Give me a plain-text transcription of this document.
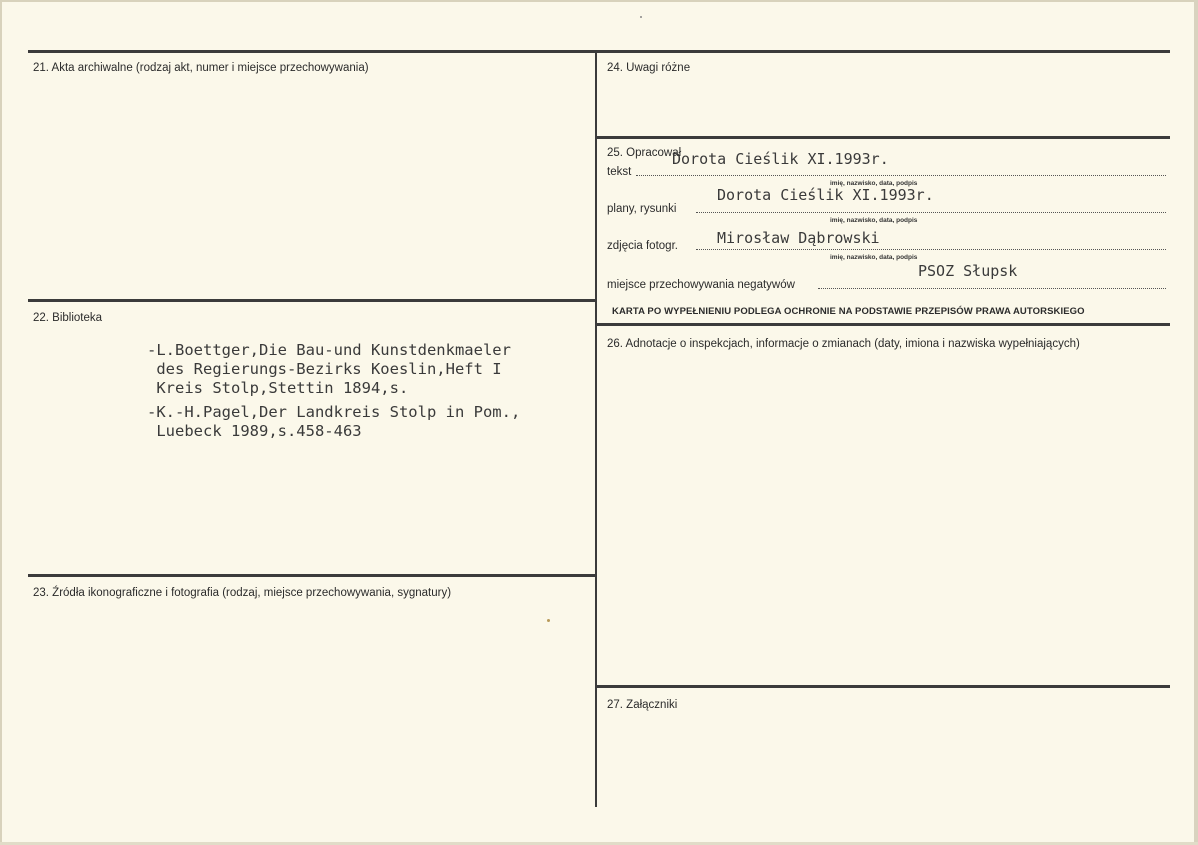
21. Akta archiwalne (rodzaj akt, numer i miejsce przechowywania)
22. Biblioteka
23. Źródła ikonograficzne i fotografia (rodzaj, miejsce przechowywania, sygnatury)
-L.Boettger,Die Bau-und Kunstdenkmaeler
des Regierungs-Bezirks Koeslin,Heft I
Kreis Stolp,Stettin 1894,s.
-K.-H.Pagel,Der Landkreis Stolp in Pom.,
Luebeck 1989,s.458-463
24. Uwagi różne
25. Opracował
tekst
Dorota Cieślik XI.1993r.
imię, nazwisko, data, podpis
plany, rysunki
Dorota Cieślik XI.1993r.
imię, nazwisko, data, podpis
zdjęcia fotogr.	Mirosław Dąbrowski
imię, nazwisko, data, podpis
miejsce przechowywania negatywów
PSOZ Słupsk
KARTA PO WYPEŁNIENIU PODLEGA OCHRONIE NA PODSTAWIE PRZEPISÓW PRAWA AUTORSKIEGO
26. Adnotacje o inspekcjach, informacje o zmianach (daty, imiona i nazwiska wypełniających)
27. Załączniki
